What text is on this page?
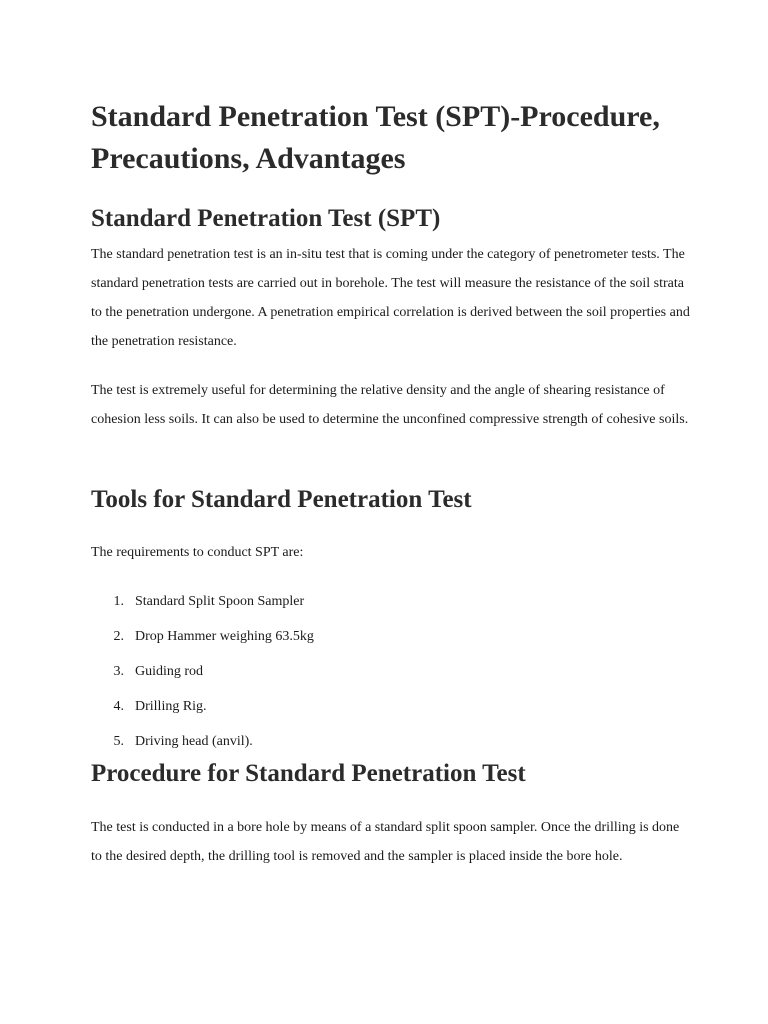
Standard Penetration Test (SPT)-Procedure, Precautions, Advantages
Standard Penetration Test (SPT)

The standard penetration test is an in-situ test that is coming under the category of penetrometer tests. The standard penetration tests are carried out in borehole. The test will measure the resistance of the soil strata to the penetration undergone. A penetration empirical correlation is derived between the soil properties and the penetration resistance.

The test is extremely useful for determining the relative density and the angle of shearing resistance of cohesion less soils. It can also be used to determine the unconfined compressive strength of cohesive soils.

Tools for Standard Penetration Test

The requirements to conduct SPT are:

1. Standard Split Spoon Sampler
2. Drop Hammer weighing 63.5kg
3. Guiding rod
4. Drilling Rig.
5. Driving head (anvil).
Procedure for Standard Penetration Test

The test is conducted in a bore hole by means of a standard split spoon sampler. Once the drilling is done to the desired depth, the drilling tool is removed and the sampler is placed inside the bore hole.
